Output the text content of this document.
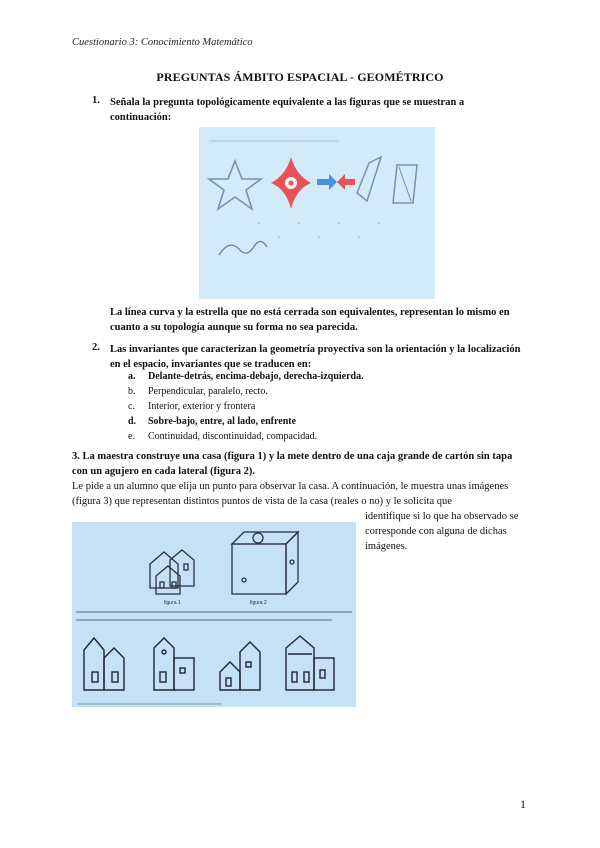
Cuestionario 3: Conocimiento Matemático
PREGUNTAS ÁMBITO ESPACIAL - GEOMÉTRICO
1. Señala la pregunta topológicamente equivalente a las figuras que se muestran a continuación:
La línea curva y la estrella que no está cerrada son equivalentes, representan lo mismo en cuanto a su topología aunque su forma no sea parecida.
2. Las invariantes que caracterizan la geometría proyectiva son la orientación y la localización en el espacio, invariantes que se traducen en:
a.	Delante-detrás, encima-debajo, derecha-izquierda.
b.	Perpendicular, paralelo, recto.
c.	Interior, exterior y frontera
d.	Sobre-bajo, entre, al lado, enfrente
e.	Continuidad, discontinuidad, compacidad.
3. La maestra construye una casa (figura 1) y la mete dentro de una caja grande de cartón sin tapa con un agujero en cada lateral (figura 2).
Le pide a un alumno que elija un punto para observar la casa. A continuación, le muestra unas imágenes (figura 3) que representan distintos puntos de vista de la casa (reales o no) y le solicita que
identifique si lo que ha observado se corresponde con alguna de dichas imágenes.
figura 1	figura 2
1
